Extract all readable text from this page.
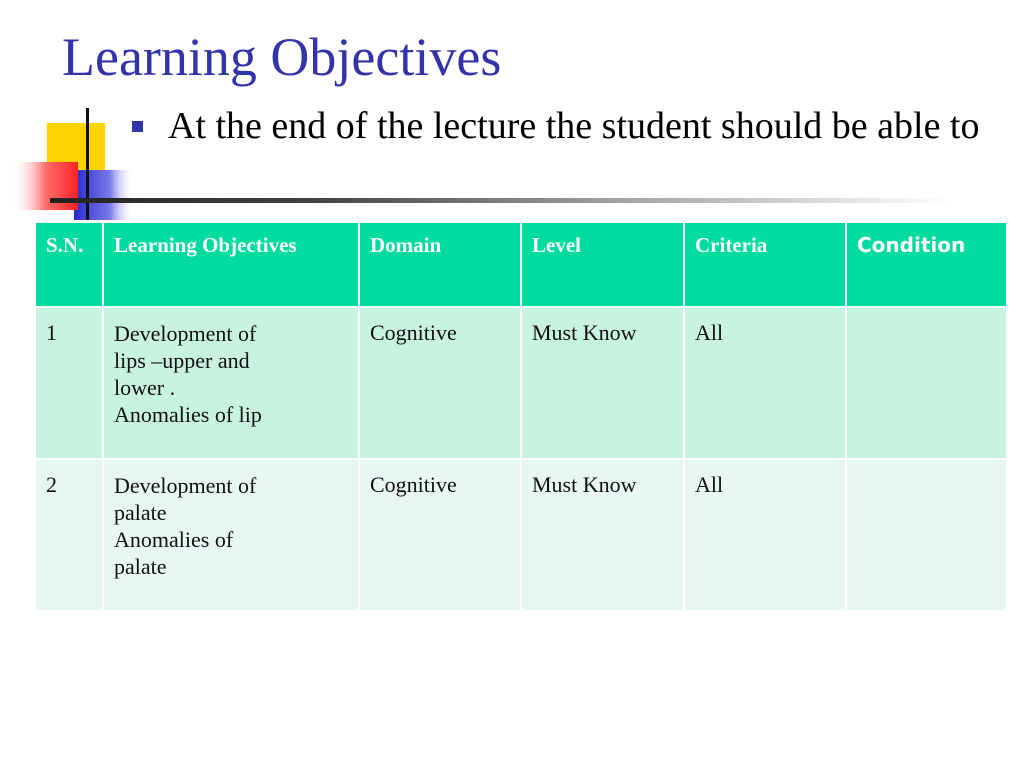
Learning Objectives
At the end of the lecture the student should be able to
S.N.	Learning Objectives	Domain	Level	Criteria	Condition
1	Development of
lips –upper and
lower .
Anomalies of lip	Cognitive	Must Know	All	
2	Development of
palate
Anomalies of
palate	Cognitive	Must Know	All	
